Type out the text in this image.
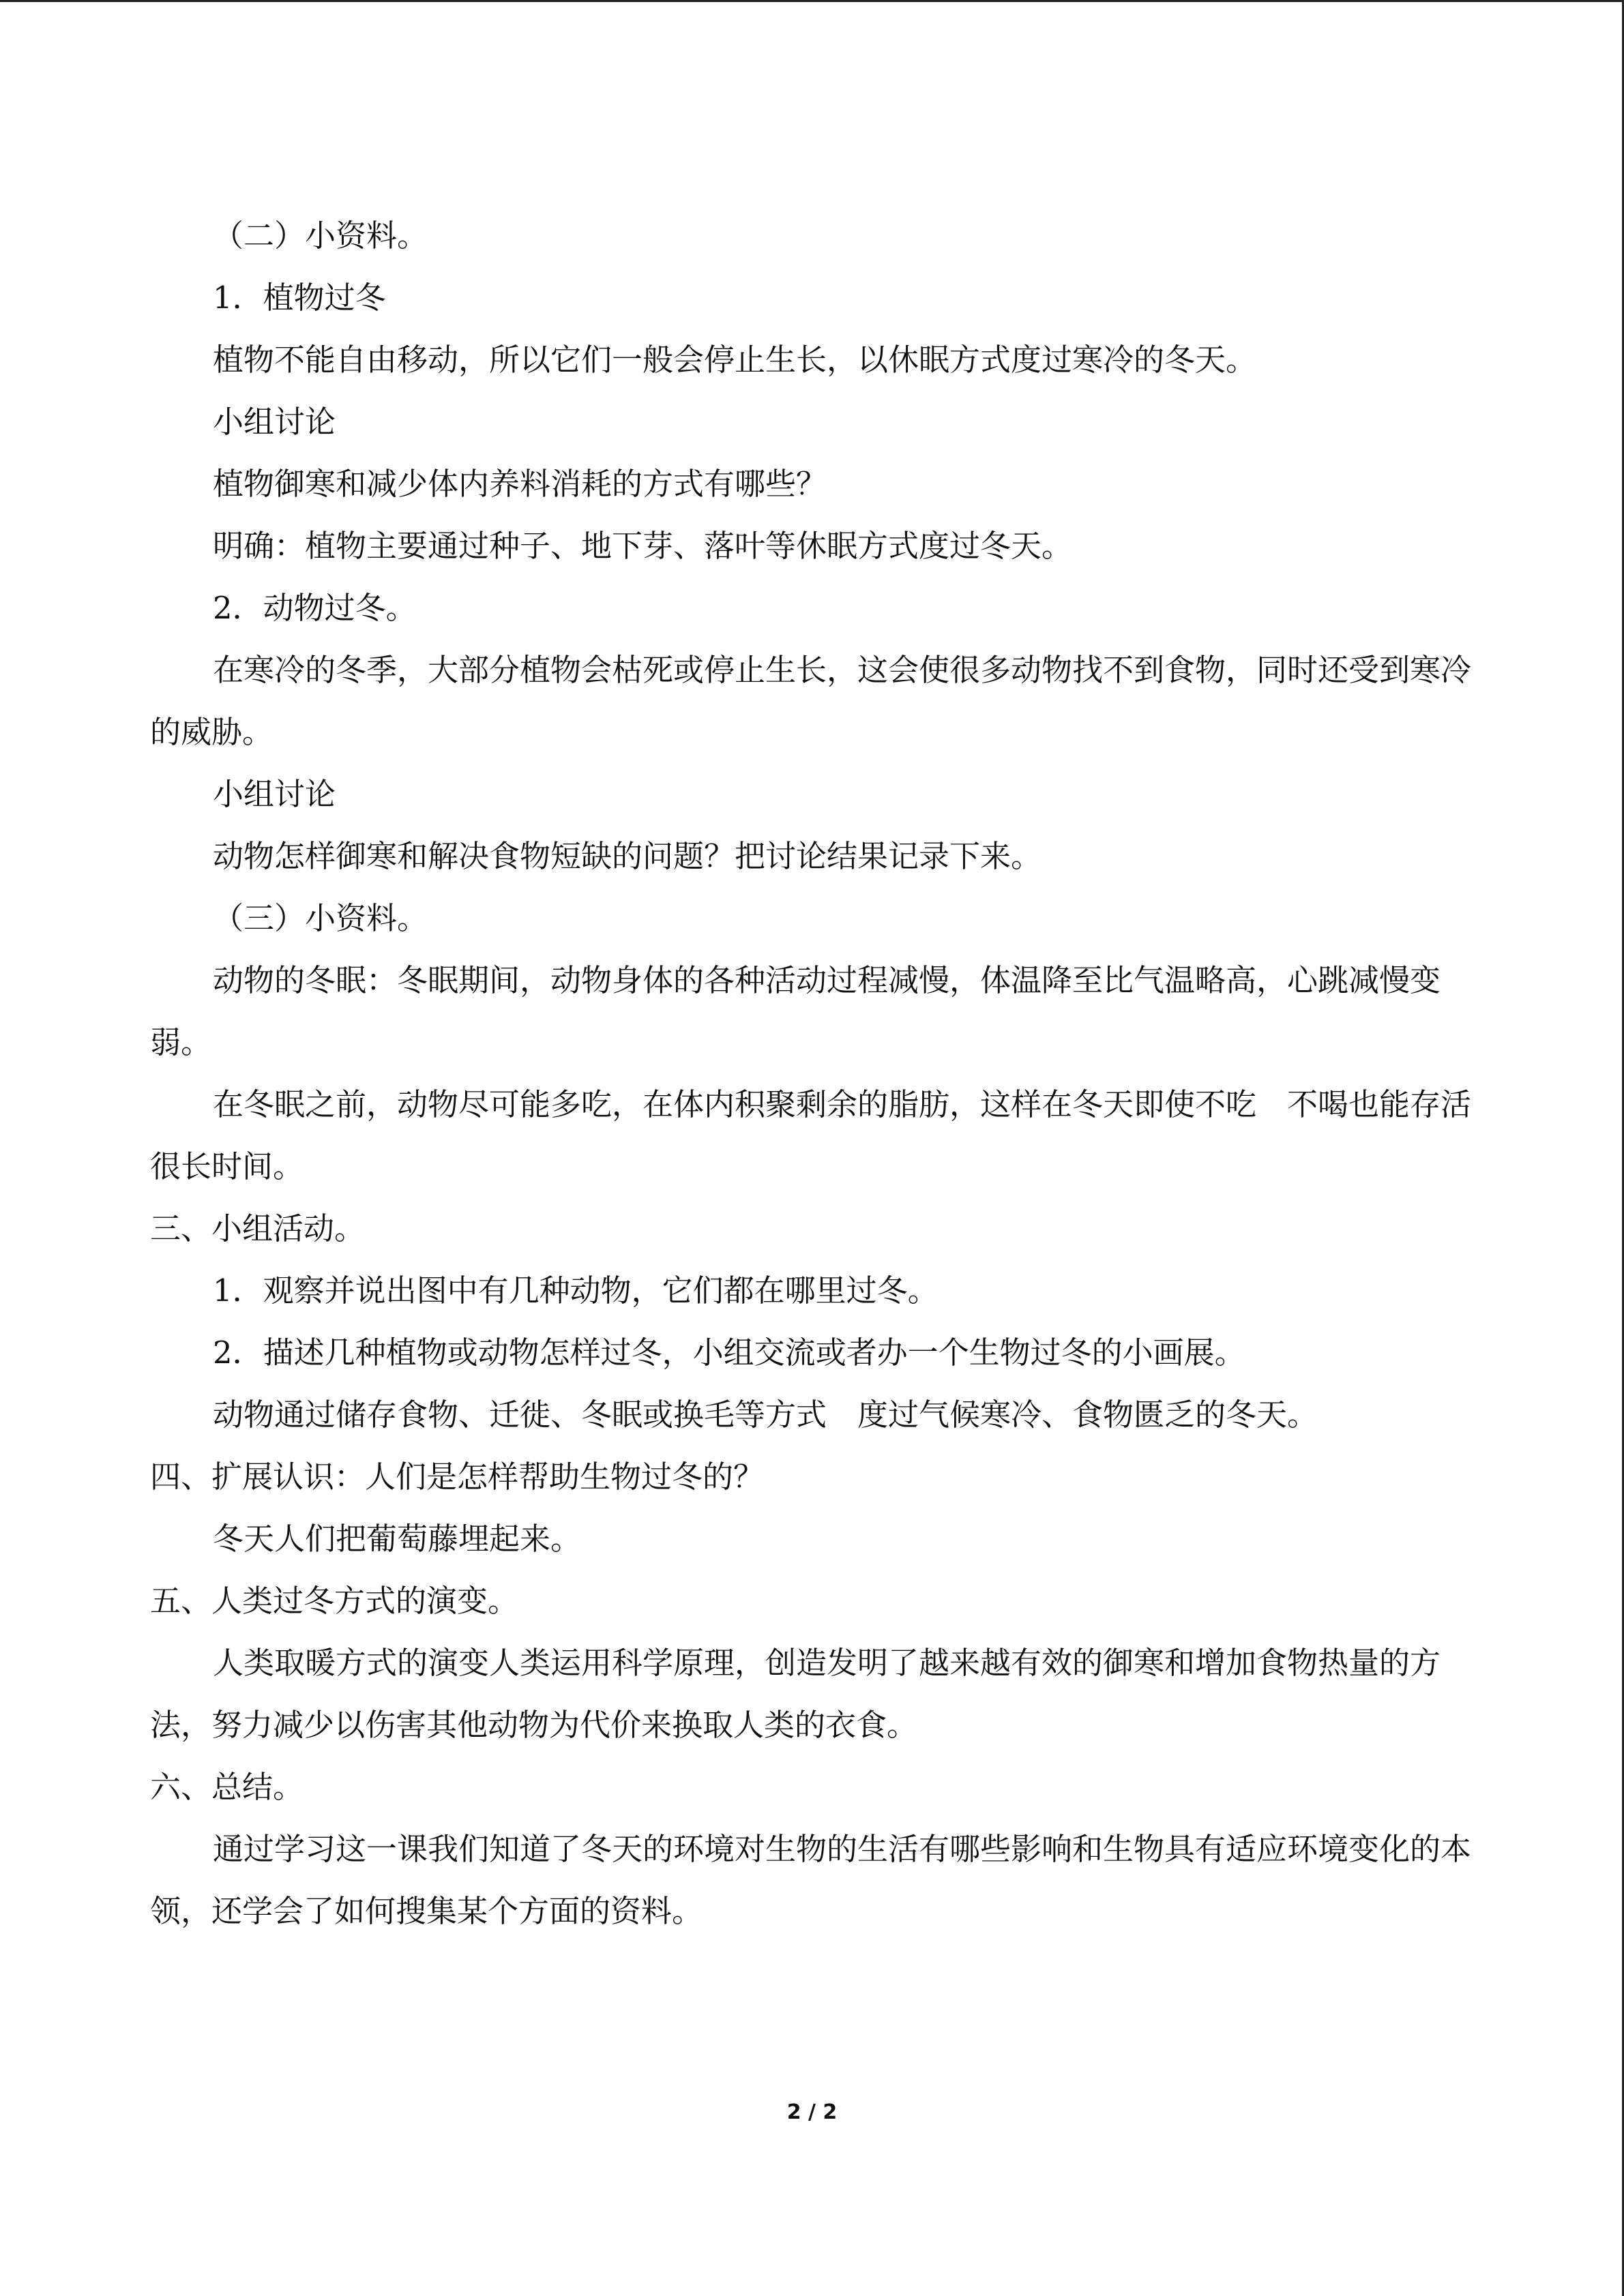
（二）小资料。
1．植物过冬
植物不能自由移动，所以它们一般会停止生长，以休眠方式度过寒冷的冬天。
小组讨论
植物御寒和减少体内养料消耗的方式有哪些？
明确：植物主要通过种子、地下芽、落叶等休眠方式度过冬天。
2．动物过冬。
在寒冷的冬季，大部分植物会枯死或停止生长，这会使很多动物找不到食物，同时还受到寒冷的威胁。
小组讨论
动物怎样御寒和解决食物短缺的问题？把讨论结果记录下来。
（三）小资料。
动物的冬眠：冬眠期间，动物身体的各种活动过程减慢，体温降至比气温略高，心跳减慢变弱。
在冬眠之前，动物尽可能多吃，在体内积聚剩余的脂肪，这样在冬天即使不吃　不喝也能存活很长时间。
三、小组活动。
1．观察并说出图中有几种动物，它们都在哪里过冬。
2．描述几种植物或动物怎样过冬，小组交流或者办一个生物过冬的小画展。
动物通过储存食物、迁徙、冬眠或换毛等方式　度过气候寒冷、食物匮乏的冬天。
四、扩展认识：人们是怎样帮助生物过冬的？
冬天人们把葡萄藤埋起来。
五、人类过冬方式的演变。
人类取暖方式的演变人类运用科学原理，创造发明了越来越有效的御寒和增加食物热量的方法，努力减少以伤害其他动物为代价来换取人类的衣食。
六、总结。
通过学习这一课我们知道了冬天的环境对生物的生活有哪些影响和生物具有适应环境变化的本领，还学会了如何搜集某个方面的资料。
2 / 2
